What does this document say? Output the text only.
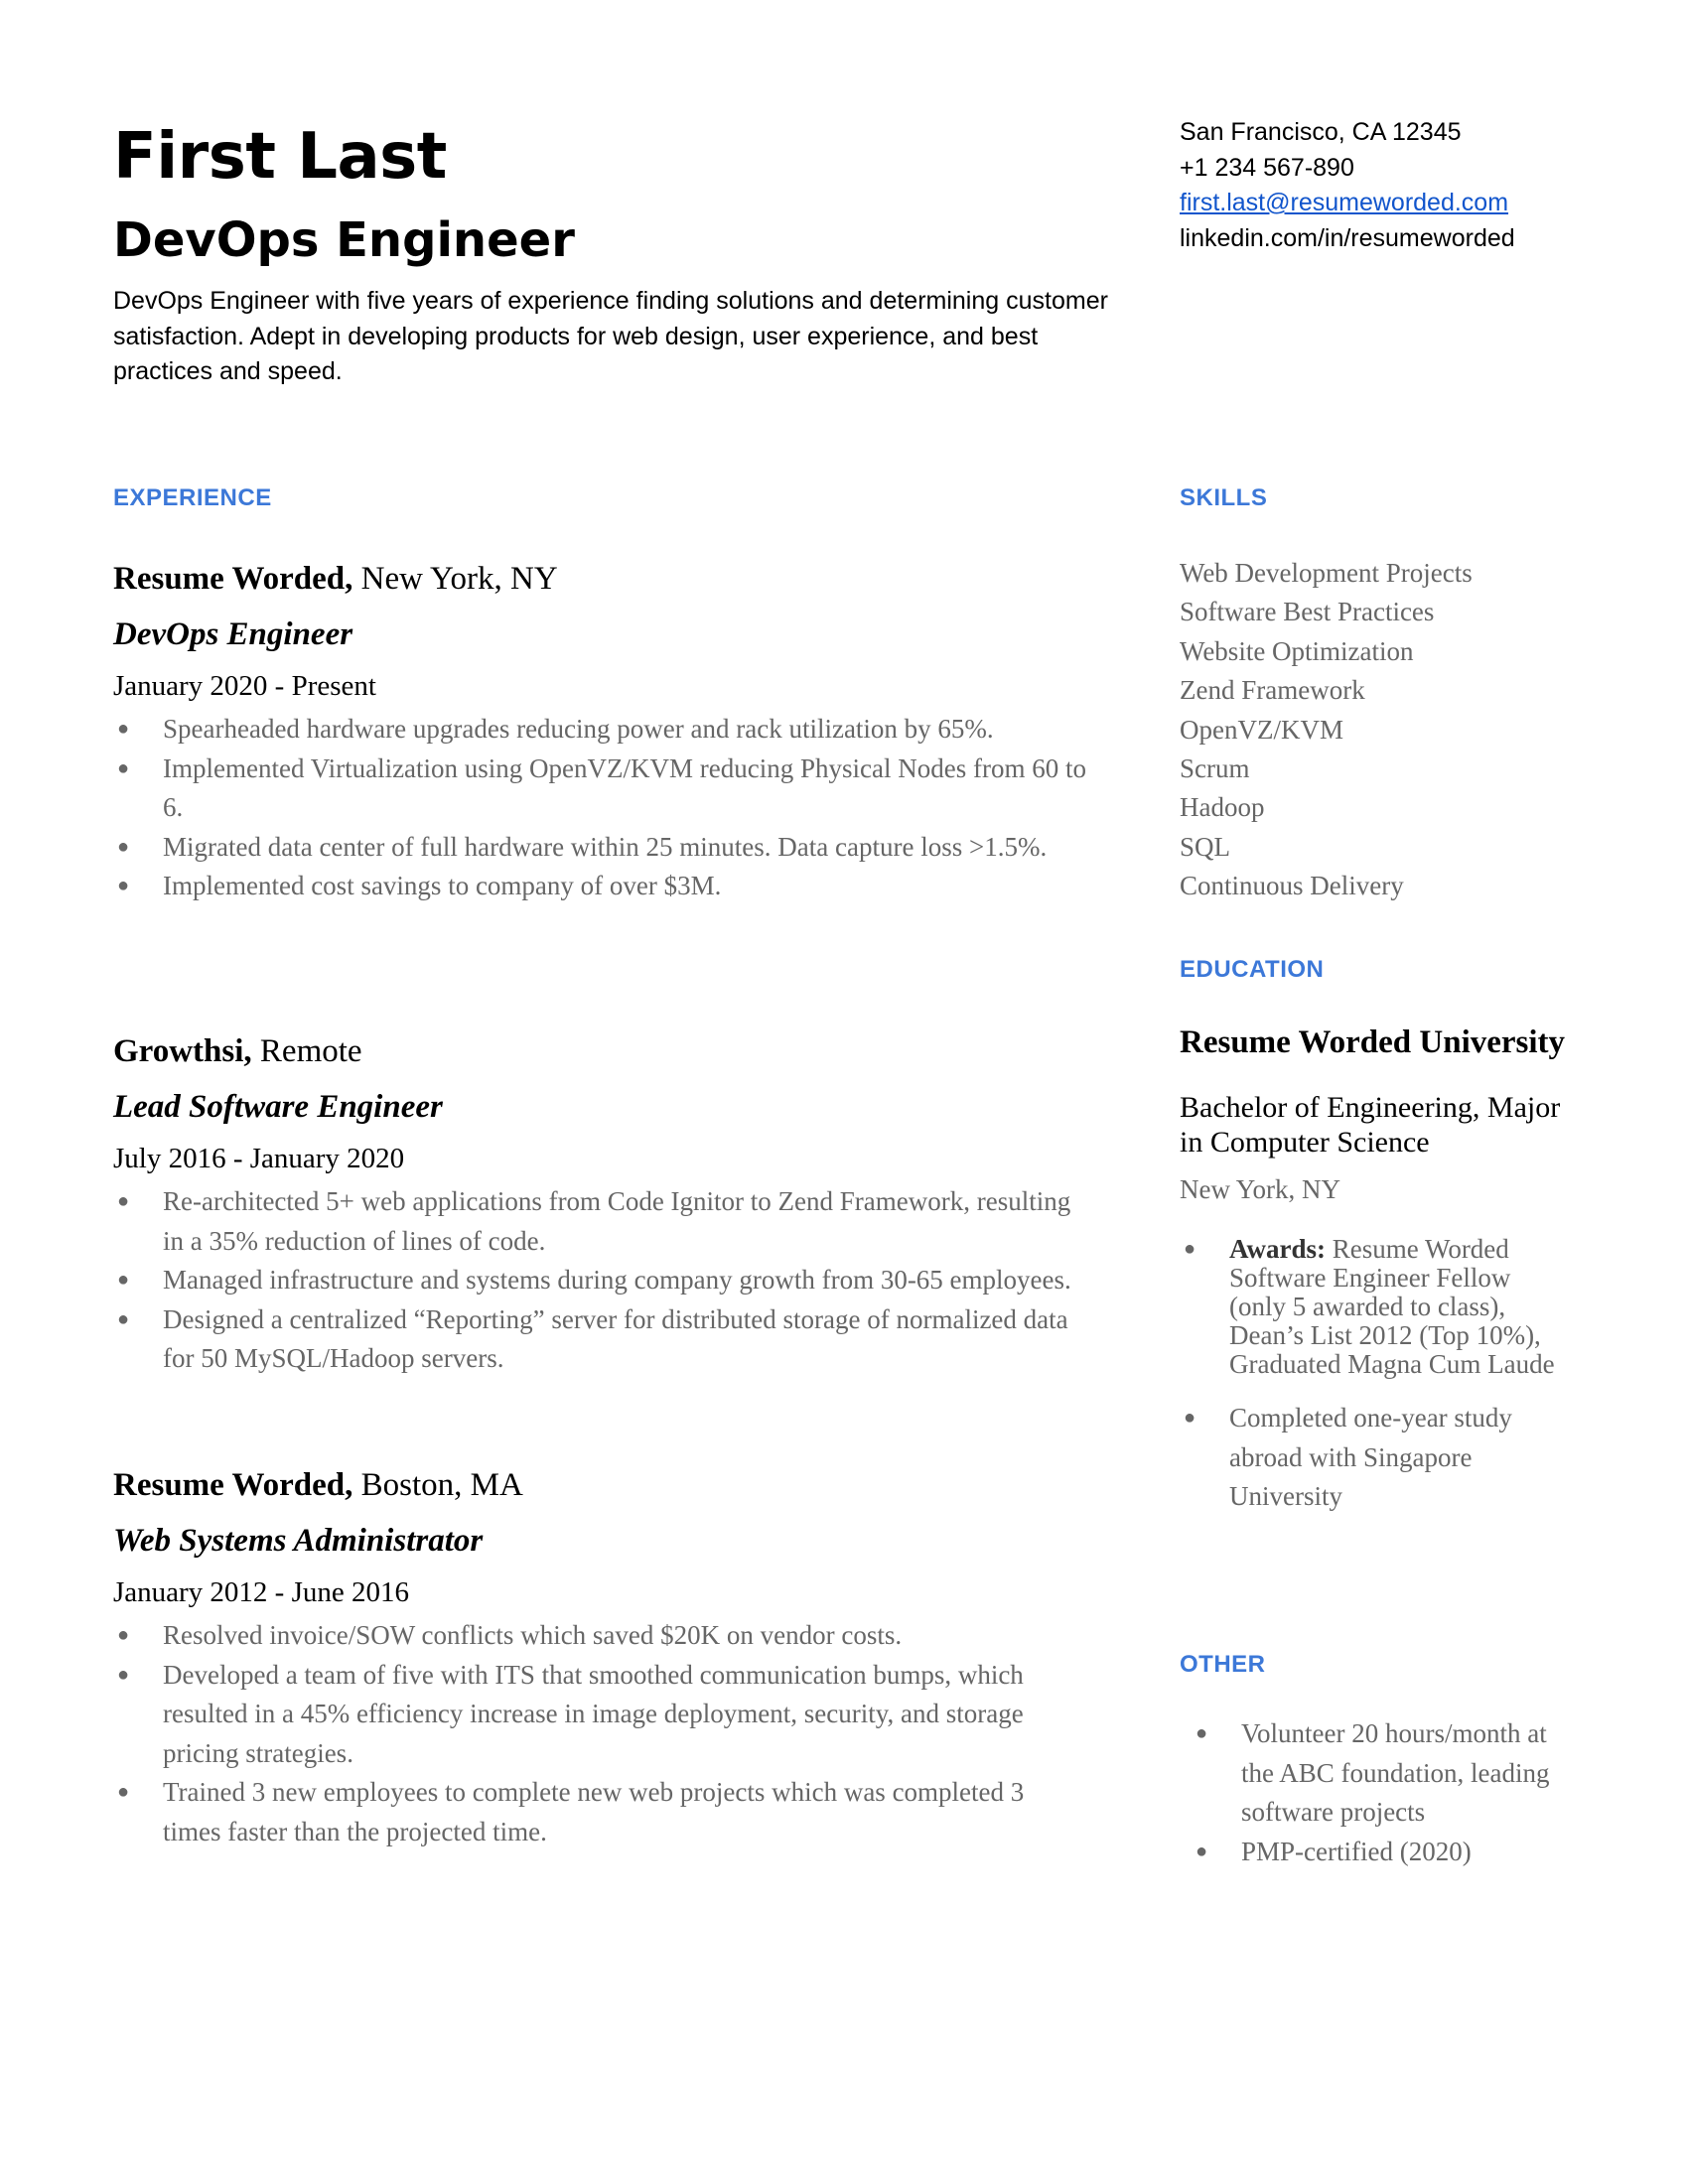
First Last
DevOps Engineer
DevOps Engineer with five years of experience finding solutions and determining customer satisfaction. Adept in developing products for web design, user experience, and best practices and speed.
San Francisco, CA 12345
+1 234 567-890
first.last@resumeworded.com
linkedin.com/in/resumeworded
EXPERIENCE	SKILLS
EDUCATION
OTHER
Resume Worded, New York, NY
DevOps Engineer
January 2020 - Present
● Spearheaded hardware upgrades reducing power and rack utilization by 65%.
● Implemented Virtualization using OpenVZ/KVM reducing Physical Nodes from 60 to 6.
● Migrated data center of full hardware within 25 minutes. Data capture loss >1.5%.
● Implemented cost savings to company of over $3M.
Growthsi, Remote
Lead Software Engineer
July 2016 - January 2020
● Re-architected 5+ web applications from Code Ignitor to Zend Framework, resulting in a 35% reduction of lines of code.
● Managed infrastructure and systems during company growth from 30-65 employees.
● Designed a centralized “Reporting” server for distributed storage of normalized data for 50 MySQL/Hadoop servers.
Resume Worded, Boston, MA
Web Systems Administrator
January 2012 - June 2016
● Resolved invoice/SOW conflicts which saved $20K on vendor costs.
● Developed a team of five with ITS that smoothed communication bumps, which resulted in a 45% efficiency increase in image deployment, security, and storage pricing strategies.
● Trained 3 new employees to complete new web projects which was completed 3 times faster than the projected time.
Web Development Projects
Software Best Practices
Website Optimization
Zend Framework
OpenVZ/KVM
Scrum
Hadoop
SQL
Continuous Delivery
Resume Worded University
Bachelor of Engineering, Major in Computer Science
New York, NY
● Awards: Resume Worded Software Engineer Fellow (only 5 awarded to class), Dean’s List 2012 (Top 10%), Graduated Magna Cum Laude
● Completed one-year study abroad with Singapore University
● Volunteer 20 hours/month at the ABC foundation, leading software projects
● PMP-certified (2020)
